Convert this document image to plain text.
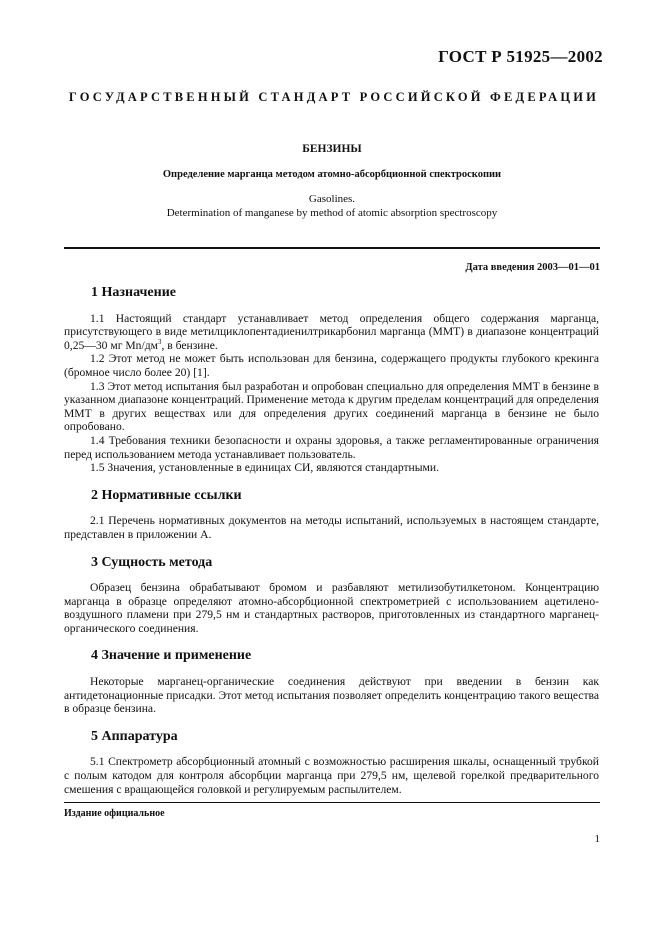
ГОСТ Р 51925—2002
ГОСУДАРСТВЕННЫЙ СТАНДАРТ РОССИЙСКОЙ ФЕДЕРАЦИИ
БЕНЗИНЫ
Определение марганца методом атомно-абсорбционной спектроскопии
Gasolines.
Determination of manganese by method of atomic absorption spectroscopy
Дата введения 2003—01—01
1 Назначение

1.1 Настоящий стандарт устанавливает метод определения общего содержания марганца, присутствующего в виде метилциклопентадиенилтрикарбонил марганца (ММТ) в диапазоне концентраций 0,25—30 мг $Mn/дм^3$, в бензине.

1.2 Этот метод не может быть использован для бензина, содержащего продукты глубокого крекинга (бромное число более 20) [1].

1.3 Этот метод испытания был разработан и опробован специально для определения ММТ в бензине в указанном диапазоне концентраций. Применение метода к другим пределам концентраций для определения ММТ в других веществах или для определения других соединений марганца в бензине не было опробовано.

1.4 Требования техники безопасности и охраны здоровья, а также регламентированные ограничения перед использованием метода устанавливает пользователь.

1.5 Значения, установленные в единицах СИ, являются стандартными.

2 Нормативные ссылки

2.1 Перечень нормативных документов на методы испытаний, используемых в настоящем стандарте, представлен в приложении А.

3 Сущность метода

Образец бензина обрабатывают бромом и разбавляют метилизобутилкетоном. Концентрацию марганца в образце определяют атомно-абсорбционной спектрометрией с использованием ацетилено-воздушного пламени при 279,5 нм и стандартных растворов, приготовленных из стандартного марганец-органического соединения.

4 Значение и применение

Некоторые марганец-органические соединения действуют при введении в бензин как антидетонационные присадки. Этот метод испытания позволяет определить концентрацию такого вещества в образце бензина.

5 Аппаратура

5.1 Спектрометр абсорбционный атомный с возможностью расширения шкалы, оснащенный трубкой с полым катодом для контроля абсорбции марганца при 279,5 нм, щелевой горелкой предварительного смешения с вращающейся головкой и регулируемым распылителем.

Издание официальное
1
